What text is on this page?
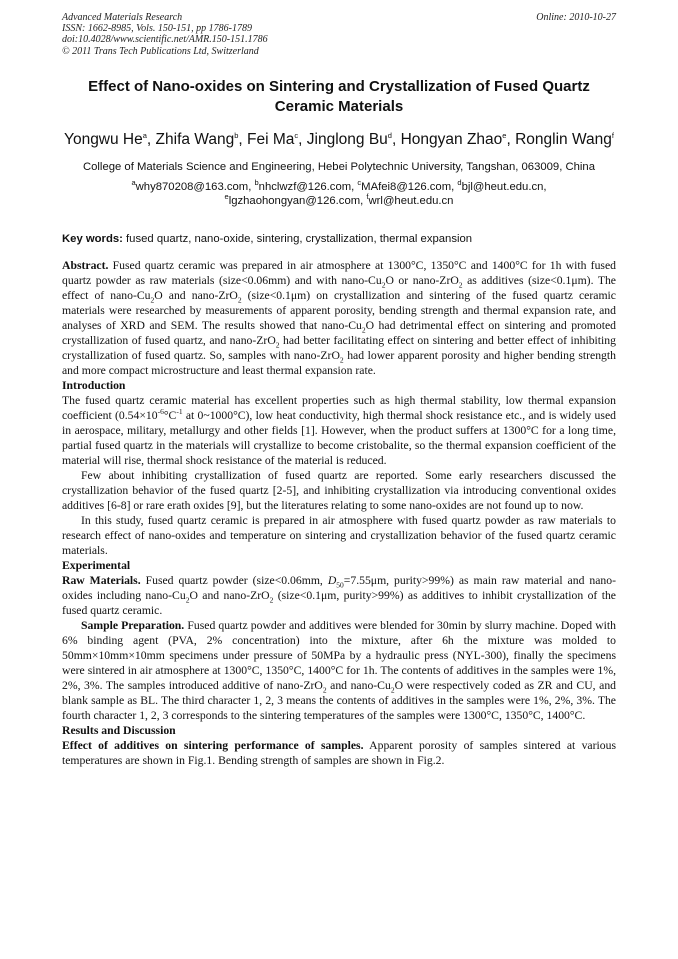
Advanced Materials Research
ISSN: 1662-8985, Vols. 150-151, pp 1786-1789
doi:10.4028/www.scientific.net/AMR.150-151.1786
© 2011 Trans Tech Publications Ltd, Switzerland
Online: 2010-10-27
Effect of Nano-oxides on Sintering and Crystallization of Fused Quartz Ceramic Materials
Yongwu He$^a$, Zhifa Wang$^b$, Fei Ma$^c$, Jinglong Bu$^d$, Hongyan Zhao$^e$, Ronglin Wang$^f$
College of Materials Science and Engineering, Hebei Polytechnic University, Tangshan, 063009, China
$^a$why870208@163.com, $^b$nhclwzf@126.com, $^c$MAfei8@126.com, $^d$bjl@heut.edu.cn,
$^e$lgzhaohongyan@126.com, $^f$wrl@heut.edu.cn
Key words: fused quartz, nano-oxide, sintering, crystallization, thermal expansion

Abstract. Fused quartz ceramic was prepared in air atmosphere at 1300°C, 1350°C and 1400°C for 1h with fused quartz powder as raw materials (size<0.06mm) and with nano-$Cu_2O$ or nano-ZrO$_2$ as additives (size<0.1μm). The effect of nano-$Cu_2O$ and nano-ZrO$_2$ (size<0.1μm) on crystallization and sintering of the fused quartz ceramic materials were researched by measurements of apparent porosity, bending strength and thermal expansion rate, and analyses of XRD and SEM. The results showed that nano-$Cu_2O$ had detrimental effect on sintering and promoted crystallization of fused quartz, and nano-ZrO$_2$ had better facilitating effect on sintering and better effect of inhibiting crystallization of fused quartz. So, samples with nano-ZrO$_2$ had lower apparent porosity and higher bending strength and more compact microstructure and least thermal expansion rate.

Introduction

The fused quartz ceramic material has excellent properties such as high thermal stability, low thermal expansion coefficient ($0.54\times 10^{-6}^\circ C^{-1}$ at 0~1000°C), low heat conductivity, high thermal shock resistance etc., and is widely used in aerospace, military, metallurgy and other fields [1]. However, when the product suffers at 1300°C for a long time, partial fused quartz in the materials will crystallize to become cristobalite, so the thermal expansion coefficient of the material will rise, thermal shock resistance of the material is reduced.

Few about inhibiting crystallization of fused quartz are reported. Some early researchers discussed the crystallization behavior of the fused quartz [2-5], and inhibiting crystallization via introducing conventional oxides additives [6-8] or rare erath oxides [9], but the literatures relating to some nano-oxides are not found up to now.

In this study, fused quartz ceramic is prepared in air atmosphere with fused quartz powder as raw materials to research effect of nano-oxides and temperature on sintering and crystallization behavior of the fused quartz ceramic materials.

Experimental

Raw Materials. Fused quartz powder (size<0.06mm, $D_{50}=7.55\mu m$, purity>99%) as main raw material and nano-oxides including nano-$Cu_2O$ and nano-ZrO$_2$ (size<0.1μm, purity>99%) as additives to inhibit crystallization of the fused quartz ceramic.

Sample Preparation. Fused quartz powder and additives were blended for 30min by slurry machine. Doped with 6% binding agent (PVA, 2% concentration) into the mixture, after 6h the mixture was molded to 50mm×10mm×10mm specimens under pressure of 50MPa by a hydraulic press (NYL-300), finally the specimens were sintered in air atmosphere at 1300°C, 1350°C, 1400°C for 1h. The contents of additives in the samples were 1%, 2%, 3%. The samples introduced additive of nano-ZrO$_2$ and nano-$Cu_2O$ were respectively coded as ZR and CU, and blank sample as BL. The third character 1, 2, 3 means the contents of additives in the samples were 1%, 2%, 3%. The fourth character 1, 2, 3 corresponds to the sintering temperatures of the samples were 1300°C, 1350°C, 1400°C.

Results and Discussion

Effect of additives on sintering performance of samples. Apparent porosity of samples sintered at various temperatures are shown in Fig.1. Bending strength of samples are shown in Fig.2.
